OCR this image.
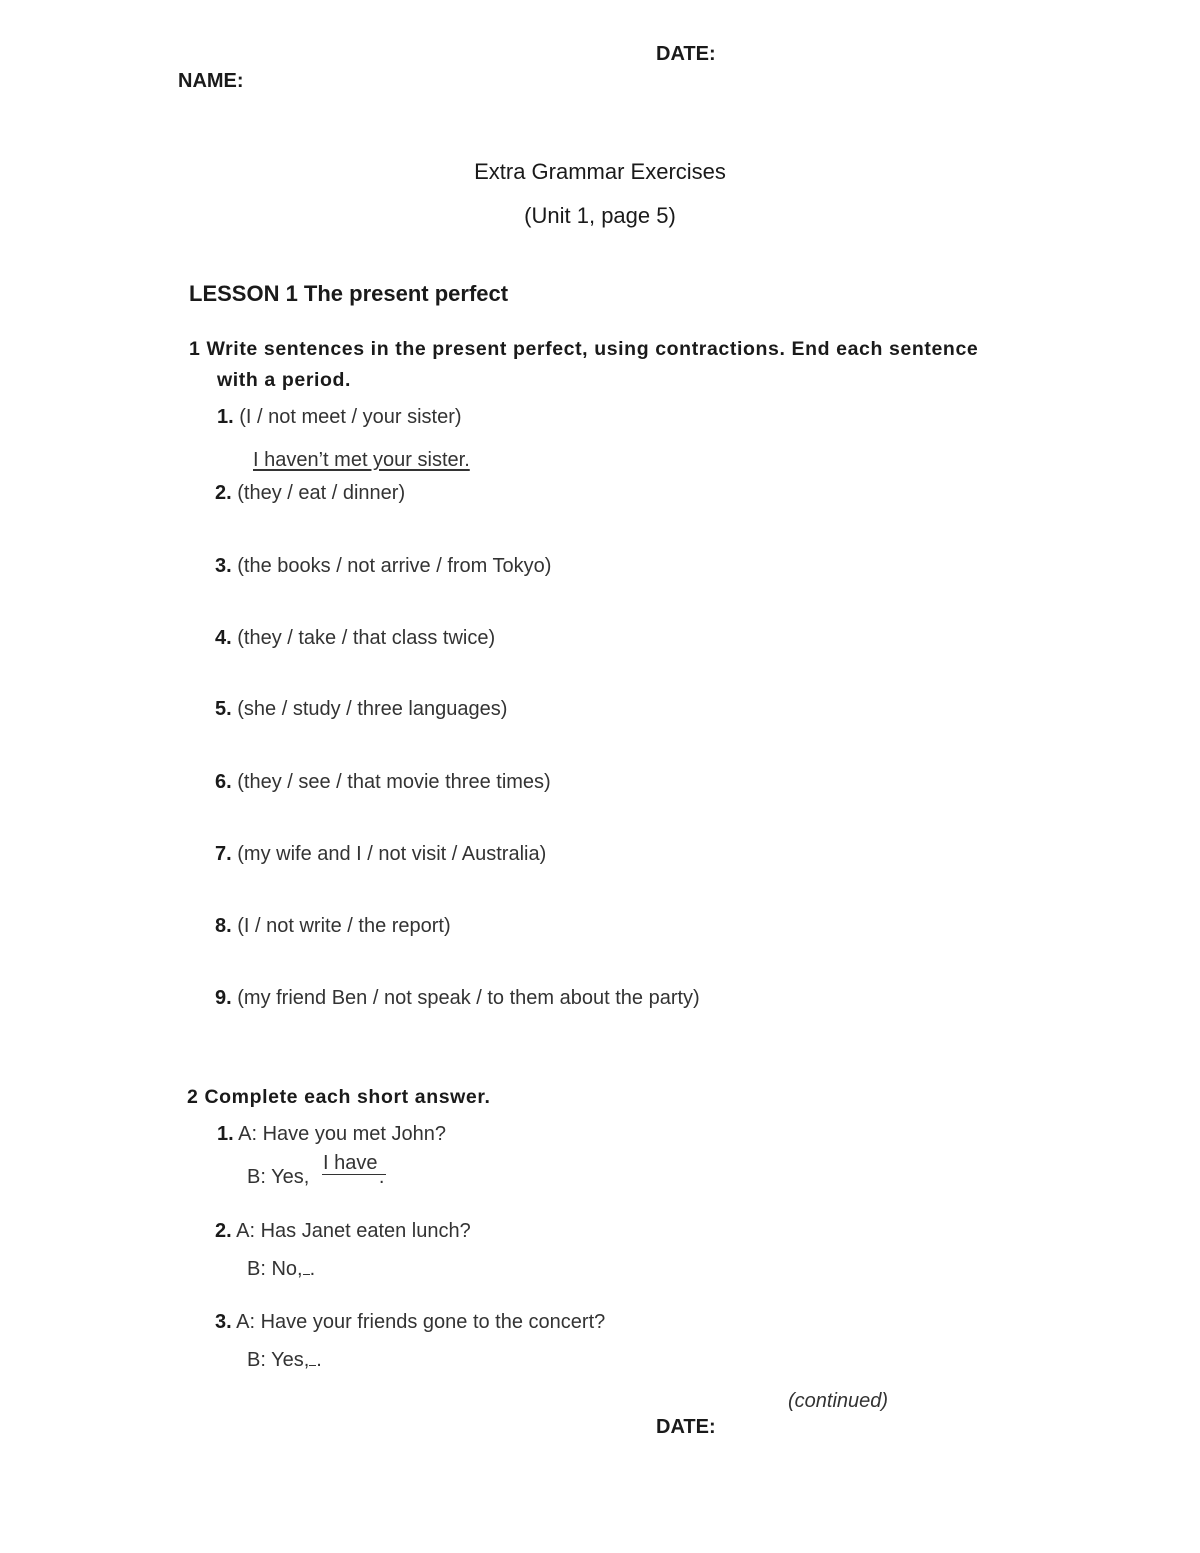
DATE:
NAME:
Extra Grammar Exercises
(Unit 1, page 5)
LESSON 1 The present perfect
1 Write sentences in the present perfect, using contractions. End each sentence
with a period.
1. (I / not meet / your sister)
I haven’t met your sister.
2. (they / eat / dinner)
3. (the books / not arrive / from Tokyo)
4. (they / take / that class twice)
5. (she / study / three languages)
6. (they / see / that movie three times)
7. (my wife and I / not visit / Australia)
8. (I / not write / the report)
9. (my friend Ben / not speak / to them about the party)
2 Complete each short answer.
1. A: Have you met John?
I have
B: Yes,	.
2. A: Has Janet eaten lunch?
B: No, .
3. A: Have your friends gone to the concert?
B: Yes, .
(continued)
DATE:
